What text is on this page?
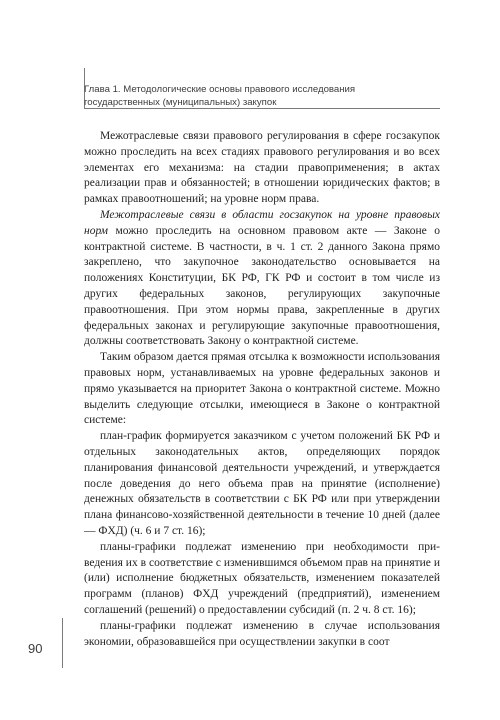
Глава 1. Методологические основы правового исследования
государственных (муниципальных) закупок

Межотраслевые связи правового регулирования в сфере госзакупок можно проследить на всех стадиях правового регулирования и во всех элементах его механизма: на стадии правоприменения; в актах реализации прав и обязанностей; в отношении юридических фактов; в рамках правоотношений; на уровне норм права.

Межотраслевые связи в области госзакупок на уровне правовых норм можно проследить на основном правовом акте — Законе о контрактной системе. В частности, в ч. 1 ст. 2 данного Закона прямо закреплено, что закупочное законодательство основывается на положениях Конституции, БК РФ, ГК РФ и состоит в том числе из других федеральных законов, регулирующих закупочные правоотношения. При этом нормы права, закрепленные в других федеральных законах и регулирующие закупочные правоотношения, должны соответствовать Закону о контрактной системе.

Таким образом дается прямая отсылка к возможности использования правовых норм, устанавливаемых на уровне федеральных законов и прямо указывается на приоритет Закона о контрактной системе. Можно выделить следующие отсылки, имеющиеся в Законе о контрактной системе:

план-график формируется заказчиком с учетом положений БК РФ и отдельных законодательных актов, определяющих порядок планирования финансовой деятельности учреждений, и утверждается после доведения до него объема прав на принятие (исполнение) денежных обязательств в соответствии с БК РФ или при утверждении плана финансово-хозяйственной деятельности в течение 10 дней (далее — ФХД) (ч. 6 и 7 ст. 16);

планы-графики подлежат изменению при необходимости приведения их в соответствие с изменившимся объемом прав на принятие и (или) исполнение бюджетных обязательств, изменением показателей программ (планов) ФХД учреждений (предприятий), изменением соглашений (решений) о предоставлении субсидий (п. 2 ч. 8 ст. 16);

планы-графики подлежат изменению в случае использования экономии, образовавшейся при осуществлении закупки в соот

90
